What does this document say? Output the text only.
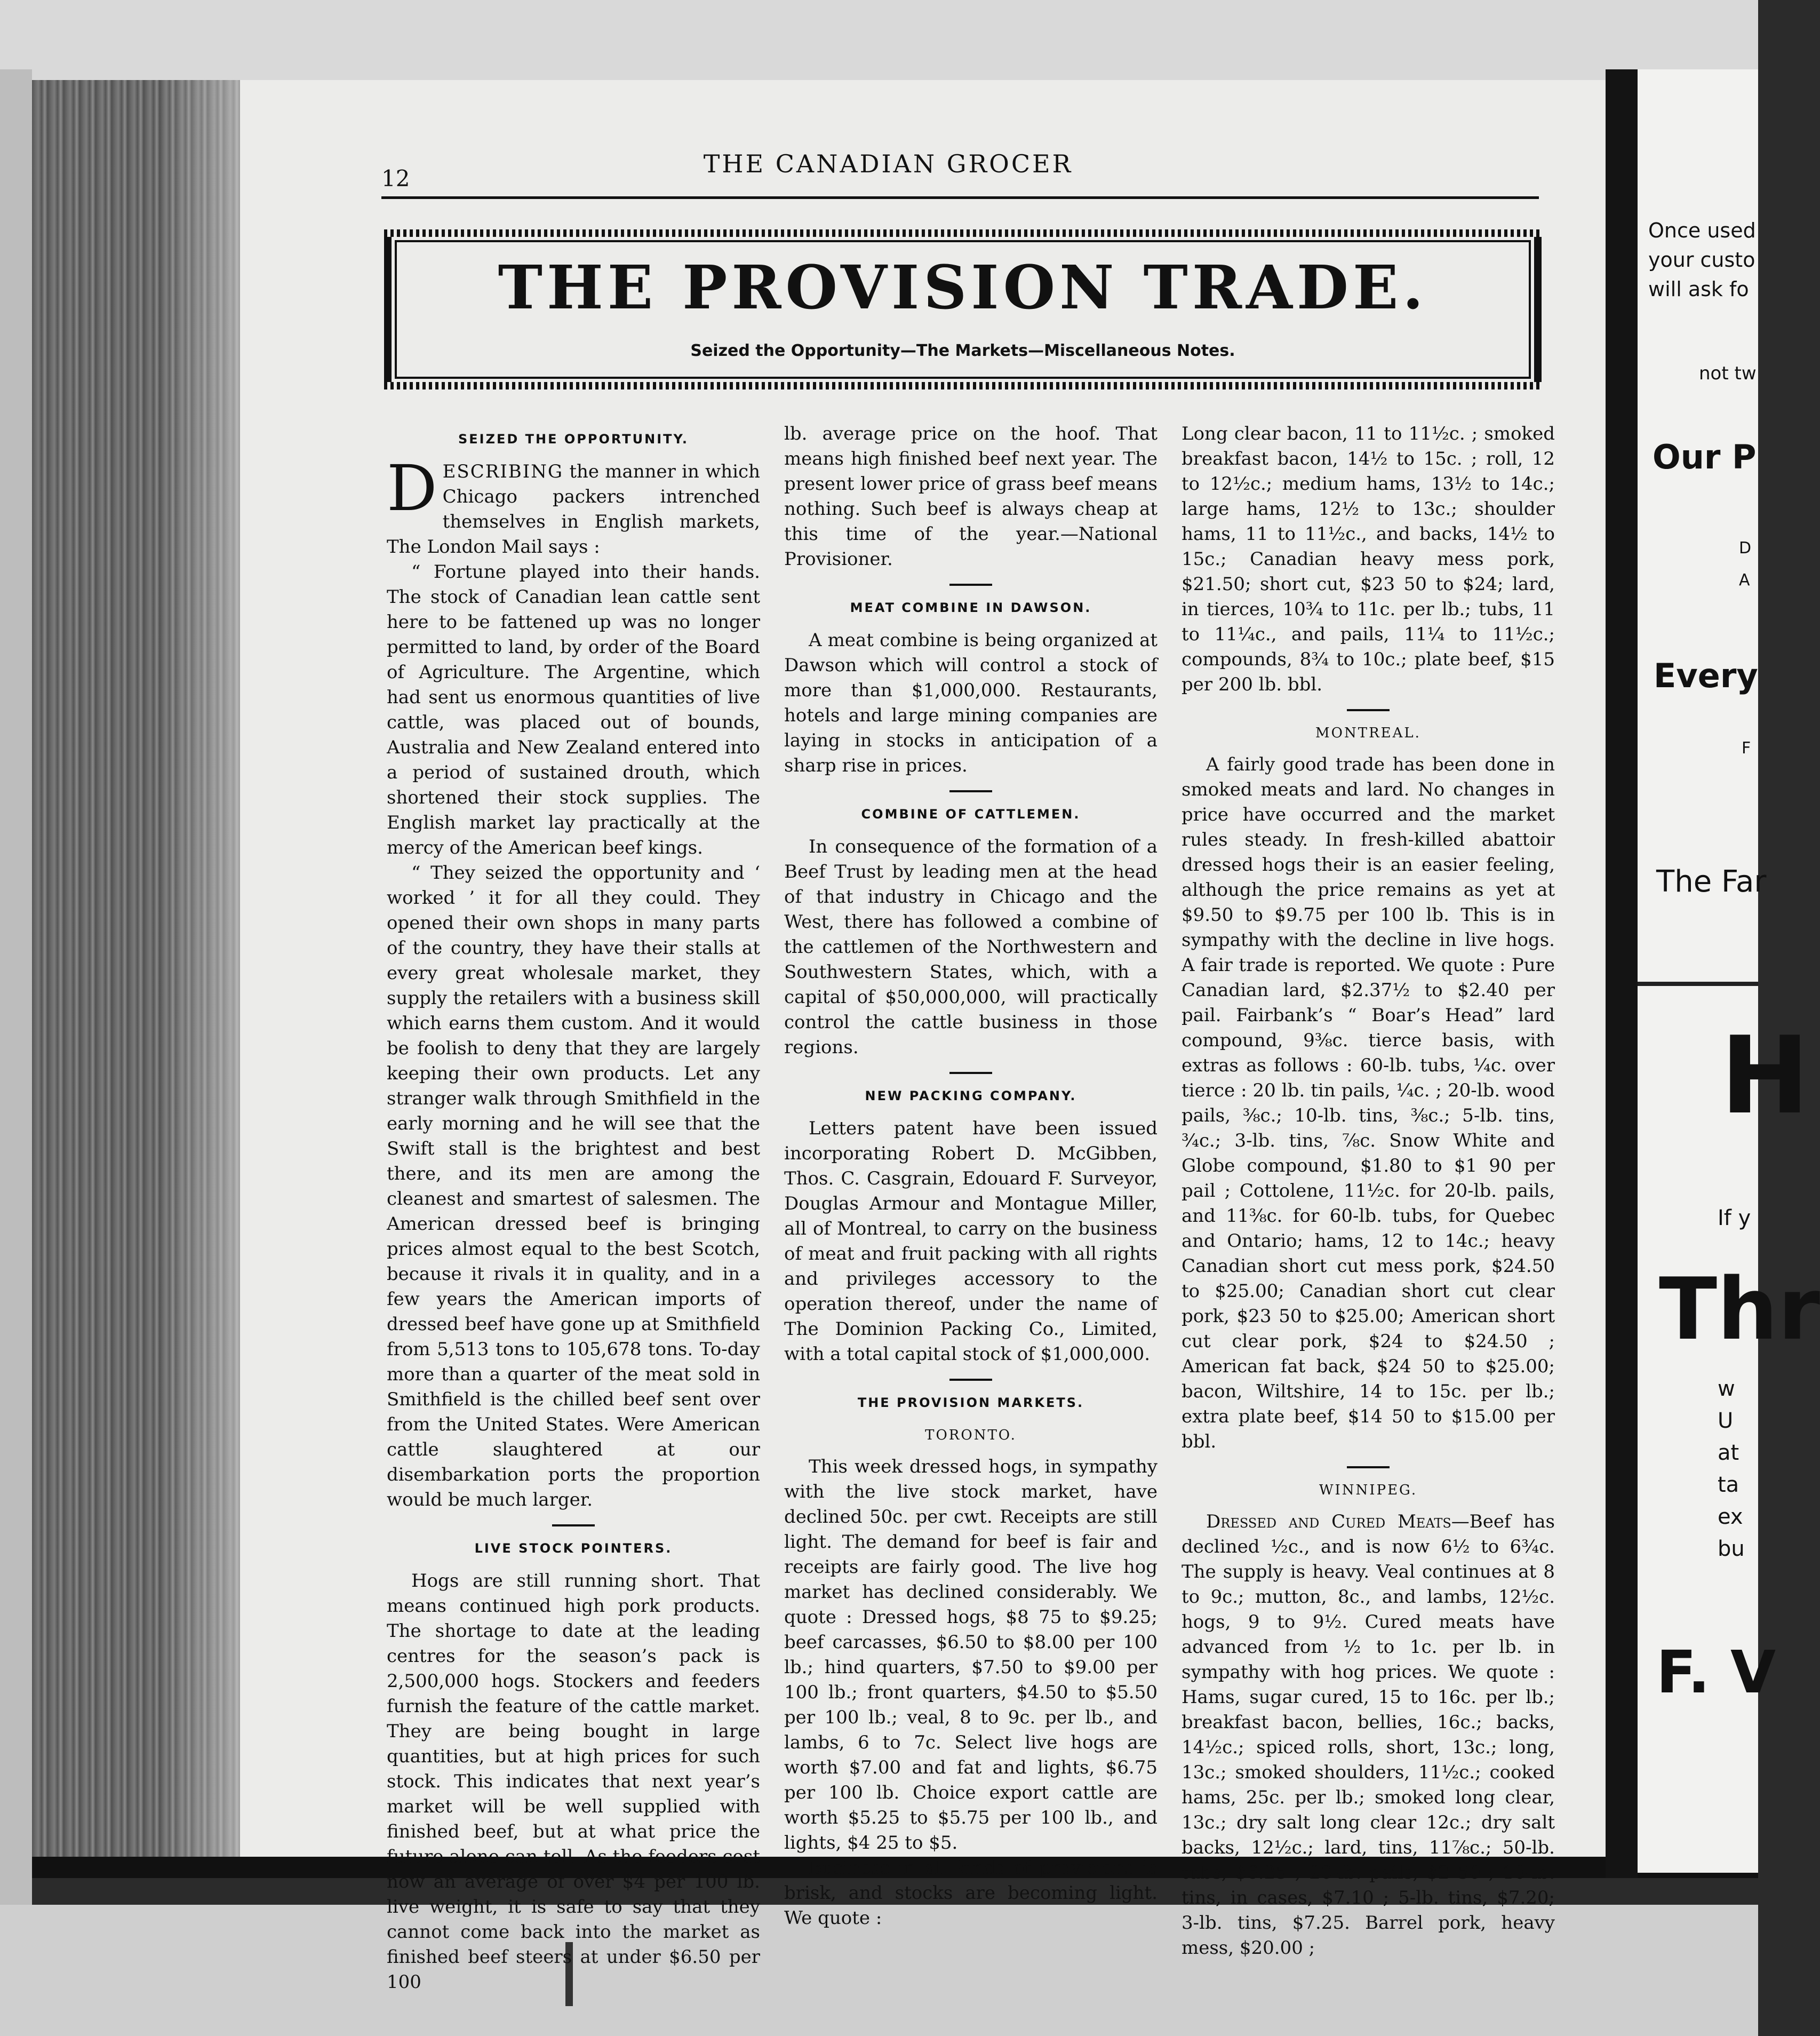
12
THE CANADIAN GROCER
THE PROVISION TRADE.
Seized the Opportunity—The Markets—Miscellaneous Notes.
SEIZED THE OPPORTUNITY.

DESCRIBING the manner in which Chicago packers intrenched themselves in English markets, The London Mail says :

“ Fortune played into their hands. The stock of Canadian lean cattle sent here to be fattened up was no longer permitted to land, by order of the Board of Agriculture. The Argentine, which had sent us enormous quantities of live cattle, was placed out of bounds, Australia and New Zealand entered into a period of sustained drouth, which shortened their stock supplies. The English market lay practically at the mercy of the American beef kings.

“ They seized the opportunity and ‘ worked ’ it for all they could. They opened their own shops in many parts of the country, they have their stalls at every great wholesale market, they supply the retailers with a business skill which earns them custom. And it would be foolish to deny that they are largely keeping their own products. Let any stranger walk through Smithfield in the early morning and he will see that the Swift stall is the brightest and best there, and its men are among the cleanest and smartest of salesmen. The American dressed beef is bringing prices almost equal to the best Scotch, because it rivals it in quality, and in a few years the American imports of dressed beef have gone up at Smithfield from 5,513 tons to 105,678 tons. To-day more than a quarter of the meat sold in Smithfield is the chilled beef sent over from the United States. Were American cattle slaughtered at our disembarkation ports the proportion would be much larger.

LIVE STOCK POINTERS.

Hogs are still running short. That means continued high pork products. The shortage to date at the leading centres for the season’s pack is 2,500,000 hogs. Stockers and feeders furnish the feature of the cattle market. They are being bought in large quantities, but at high prices for such stock. This indicates that next year’s market will be well supplied with finished beef, but at what price the future alone can tell. As the feeders cost now an average of over $4 per 100 lb. live weight, it is safe to say that they cannot come back into the market as finished beef steers at under $6.50 per 100

lb. average price on the hoof. That means high finished beef next year. The present lower price of grass beef means nothing. Such beef is always cheap at this time of the year.—National Provisioner.

MEAT COMBINE IN DAWSON.

A meat combine is being organized at Dawson which will control a stock of more than $1,000,000. Restaurants, hotels and large mining companies are laying in stocks in anticipation of a sharp rise in prices.

COMBINE OF CATTLEMEN.

In consequence of the formation of a Beef Trust by leading men at the head of that industry in Chicago and the West, there has followed a combine of the cattlemen of the Northwestern and Southwestern States, which, with a capital of $50,000,000, will practically control the cattle business in those regions.

NEW PACKING COMPANY.

Letters patent have been issued incorporating Robert D. McGibben, Thos. C. Casgrain, Edouard F. Surveyor, Douglas Armour and Montague Miller, all of Montreal, to carry on the business of meat and fruit packing with all rights and privileges accessory to the operation thereof, under the name of The Dominion Packing Co., Limited, with a total capital stock of $1,000,000.

THE PROVISION MARKETS.
TORONTO.

This week dressed hogs, in sympathy with the live stock market, have declined 50c. per cwt. Receipts are still light. The demand for beef is fair and receipts are fairly good. The live hog market has declined considerably. We quote : Dressed hogs, $8 75 to $9.25; beef carcasses, $6.50 to $8.00 per 100 lb.; hind quarters, $7.50 to $9.00 per 100 lb.; front quarters, $4.50 to $5.50 per 100 lb.; veal, 8 to 9c. per lb., and lambs, 6 to 7c. Select live hogs are worth $7.00 and fat and lights, $6.75 per 100 lb. Choice export cattle are worth $5.25 to $5.75 per 100 lb., and lights, $4 25 to $5.

Business in all kinds of provisions is brisk, and stocks are becoming light. We quote :

Long clear bacon, 11 to 11½c. ; smoked breakfast bacon, 14½ to 15c. ; roll, 12 to 12½c.; medium hams, 13½ to 14c.; large hams, 12½ to 13c.; shoulder hams, 11 to 11½c., and backs, 14½ to 15c.; Canadian heavy mess pork, $21.50; short cut, $23 50 to $24; lard, in tierces, 10¾ to 11c. per lb.; tubs, 11 to 11¼c., and pails, 11¼ to 11½c.; compounds, 8¾ to 10c.; plate beef, $15 per 200 lb. bbl.

MONTREAL.

A fairly good trade has been done in smoked meats and lard. No changes in price have occurred and the market rules steady. In fresh-killed abattoir dressed hogs their is an easier feeling, although the price remains as yet at $9.50 to $9.75 per 100 lb. This is in sympathy with the decline in live hogs. A fair trade is reported. We quote : Pure Canadian lard, $2.37½ to $2.40 per pail. Fairbank’s “ Boar’s Head” lard compound, 9⅜c. tierce basis, with extras as follows : 60-lb. tubs, ¼c. over tierce : 20 lb. tin pails, ¼c. ; 20-lb. wood pails, ⅜c.; 10-lb. tins, ⅜c.; 5-lb. tins, ¾c.; 3-lb. tins, ⅞c. Snow White and Globe compound, $1.80 to $1 90 per pail ; Cottolene, 11½c. for 20-lb. pails, and 11⅜c. for 60-lb. tubs, for Quebec and Ontario; hams, 12 to 14c.; heavy Canadian short cut mess pork, $24.50 to $25.00; Canadian short cut clear pork, $23 50 to $25.00; American short cut clear pork, $24 to $24.50 ; American fat back, $24 50 to $25.00; bacon, Wiltshire, 14 to 15c. per lb.; extra plate beef, $14 50 to $15.00 per bbl.

WINNIPEG.

Dressed and Cured Meats—Beef has declined ½c., and is now 6½ to 6¾c. The supply is heavy. Veal continues at 8 to 9c.; mutton, 8c., and lambs, 12½c. hogs, 9 to 9½. Cured meats have advanced from ½ to 1c. per lb. in sympathy with hog prices. We quote : Hams, sugar cured, 15 to 16c. per lb.; breakfast bacon, bellies, 16c.; backs, 14½c.; spiced rolls, short, 13c.; long, 13c.; smoked shoulders, 11½c.; cooked hams, 25c. per lb.; smoked long clear, 13c.; dry salt long clear 12c.; dry salt backs, 12½c.; lard, tins, 11⅞c.; 50-lb. tubs, $6.25 ; 20-lb. pails, $2 50 ; 10-lb. tins, in cases, $7.10 ; 5-lb. tins, $7.20; 3-lb. tins, $7.25. Barrel pork, heavy mess, $20.00 ;

Once used
your custo
will ask fo
not tw
Our P
D
A
Every
F
The Far
H
If y
Thr
w
U
at
ta
ex
bu
F. V
